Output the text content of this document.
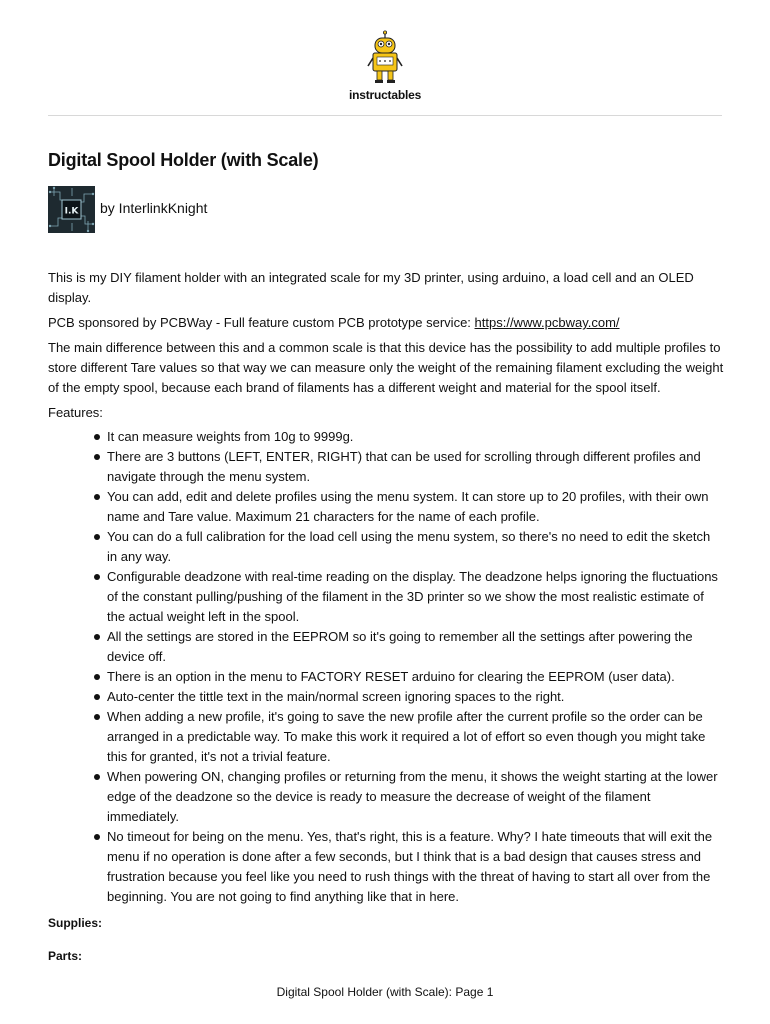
instructables
Digital Spool Holder (with Scale)
I.K by InterlinkKnight

This is my DIY filament holder with an integrated scale for my 3D printer, using arduino, a load cell and an OLED display.

PCB sponsored by PCBWay - Full feature custom PCB prototype service: https://www.pcbway.com/

The main difference between this and a common scale is that this device has the possibility to add multiple profiles to store different Tare values so that way we can measure only the weight of the remaining filament excluding the weight of the empty spool, because each brand of filaments has a different weight and material for the spool itself.

Features:

It can measure weights from 10g to 9999g.
There are 3 buttons (LEFT, ENTER, RIGHT) that can be used for scrolling through different profiles and navigate through the menu system.
You can add, edit and delete profiles using the menu system. It can store up to 20 profiles, with their own name and Tare value. Maximum 21 characters for the name of each profile.
You can do a full calibration for the load cell using the menu system, so there's no need to edit the sketch in any way.
Configurable deadzone with real-time reading on the display. The deadzone helps ignoring the fluctuations of the constant pulling/pushing of the filament in the 3D printer so we show the most realistic estimate of the actual weight left in the spool.
All the settings are stored in the EEPROM so it's going to remember all the settings after powering the device off.
There is an option in the menu to FACTORY RESET arduino for clearing the EEPROM (user data).
Auto-center the tittle text in the main/normal screen ignoring spaces to the right.
When adding a new profile, it's going to save the new profile after the current profile so the order can be arranged in a predictable way. To make this work it required a lot of effort so even though you might take this for granted, it's not a trivial feature.
When powering ON, changing profiles or returning from the menu, it shows the weight starting at the lower edge of the deadzone so the device is ready to measure the decrease of weight of the filament immediately.
No timeout for being on the menu. Yes, that's right, this is a feature. Why? I hate timeouts that will exit the menu if no operation is done after a few seconds, but I think that is a bad design that causes stress and frustration because you feel like you need to rush things with the threat of having to start all over from the beginning. You are not going to find anything like that in here.
Supplies:
Parts:
Digital Spool Holder (with Scale): Page 1
